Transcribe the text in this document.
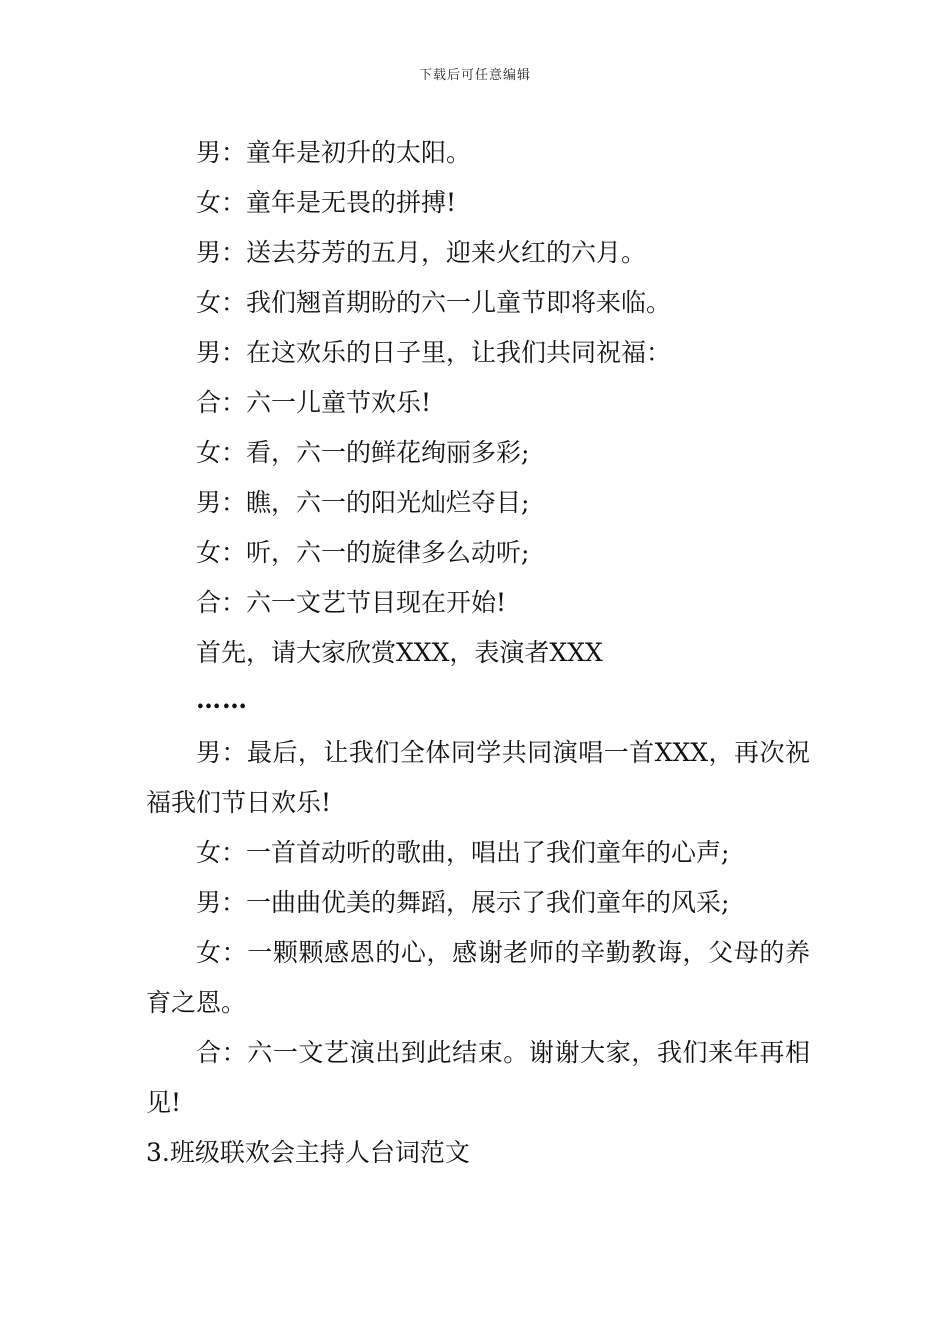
下载后可任意编辑
男：童年是初升的太阳。
女：童年是无畏的拼搏!
男：送去芬芳的五月，迎来火红的六月。
女：我们翘首期盼的六一儿童节即将来临。
男：在这欢乐的日子里，让我们共同祝福：
合：六一儿童节欢乐!
女：看，六一的鲜花绚丽多彩;
男：瞧，六一的阳光灿烂夺目;
女：听，六一的旋律多么动听;
合：六一文艺节目现在开始!
首先，请大家欣赏XXX，表演者XXX
……
男：最后，让我们全体同学共同演唱一首XXX，再次祝福我们节日欢乐!
女：一首首动听的歌曲，唱出了我们童年的心声;
男：一曲曲优美的舞蹈，展示了我们童年的风采;
女：一颗颗感恩的心，感谢老师的辛勤教诲，父母的养育之恩。
合：六一文艺演出到此结束。谢谢大家，我们来年再相见!
3.班级联欢会主持人台词范文
